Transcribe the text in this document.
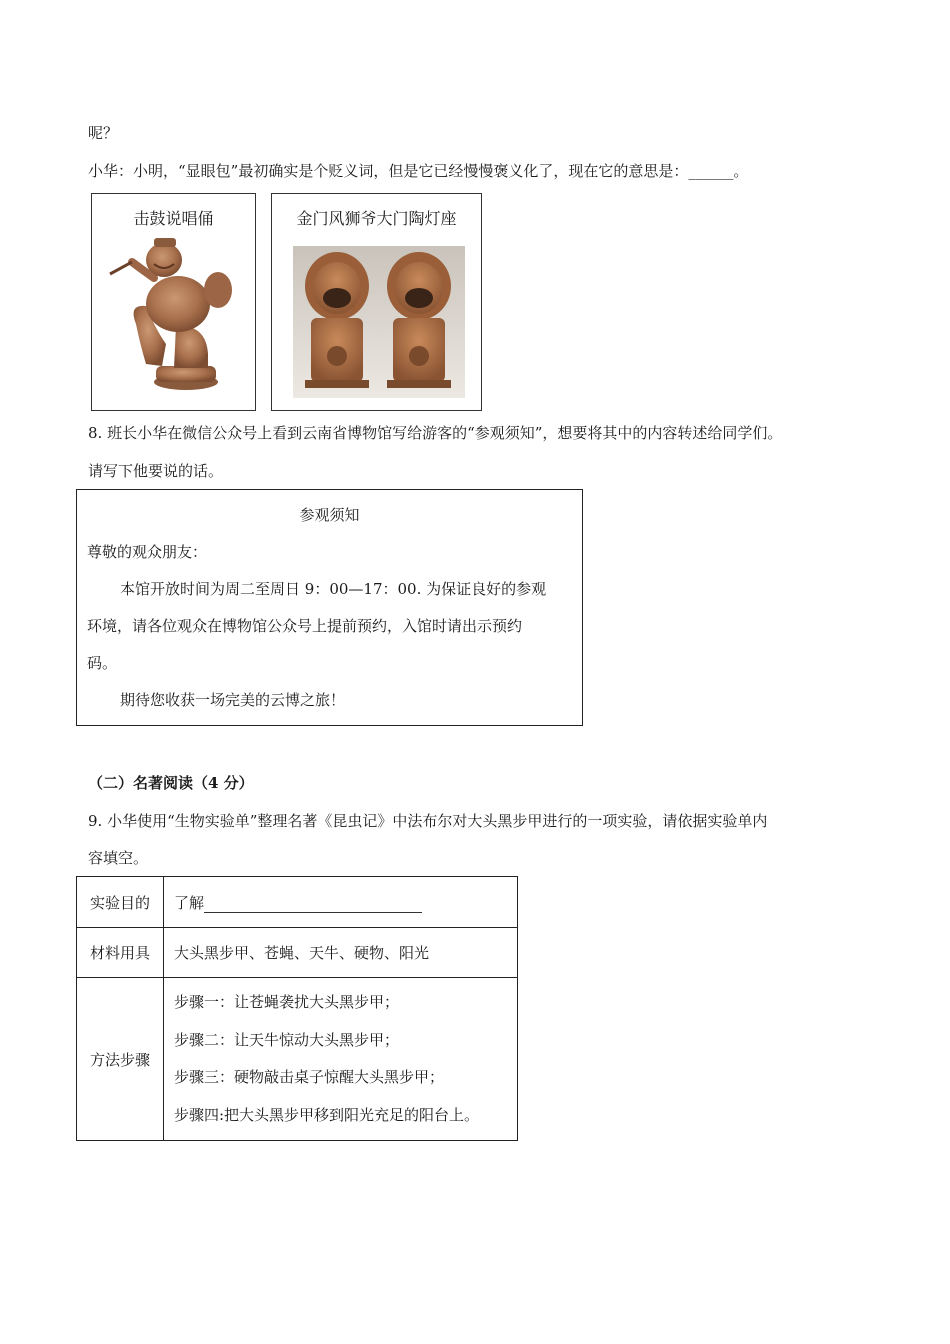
呢？
小华：小明，“显眼包”最初确实是个贬义词，但是它已经慢慢褒义化了，现在它的意思是：______。
击鼓说唱俑	金门风狮爷大门陶灯座
8. 班长小华在微信公众号上看到云南省博物馆写给游客的“参观须知”，想要将其中的内容转述给同学们。
请写下他要说的话。

参观须知

尊敬的观众朋友：

本馆开放时间为周二至周日 9：00—17：00. 为保证良好的参观

环境，请各位观众在博物馆公众号上提前预约，入馆时请出示预约

码。

期待您收获一场完美的云博之旅！

（二）名著阅读（4 分）
9. 小华使用“生物实验单”整理名著《昆虫记》中法布尔对大头黑步甲进行的一项实验，请依据实验单内
容填空。
实验目的	了解
材料用具	大头黑步甲、苍蝇、天牛、硬物、阳光
方法步骤	步骤一：让苍蝇袭扰大头黑步甲；
步骤二：让天牛惊动大头黑步甲；
步骤三：硬物敲击桌子惊醒大头黑步甲；
步骤四:把大头黑步甲移到阳光充足的阳台上。
